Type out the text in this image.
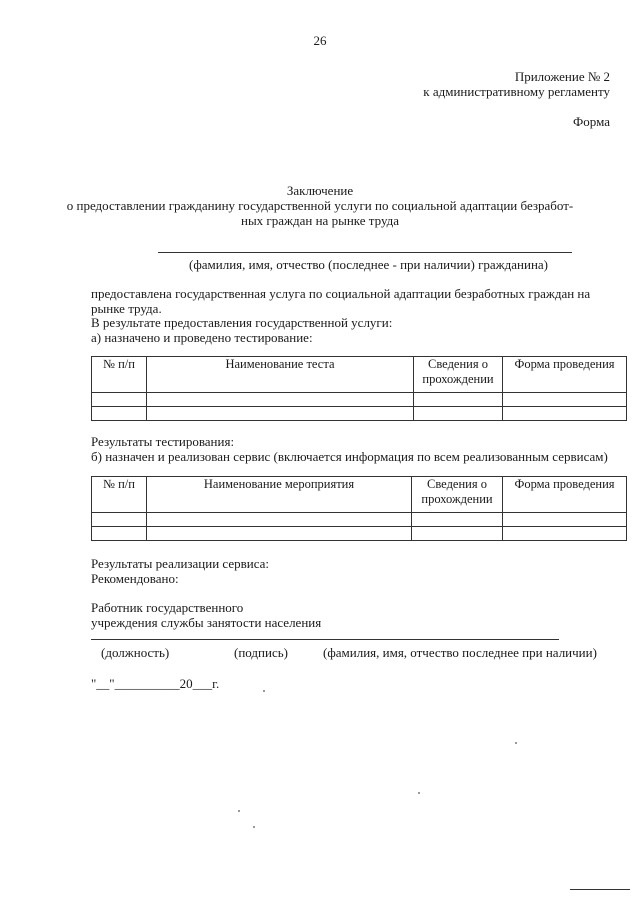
26
Приложение № 2
к административному регламенту
Форма
Заключение
о предоставлении гражданину государственной услуги по социальной адаптации безработ-
ных граждан на рынке труда
(фамилия, имя, отчество (последнее - при наличии) гражданина)
предоставлена государственная услуга по социальной адаптации безработных граждан на
рынке труда.
В результате предоставления государственной услуги:
а) назначено и проведено тестирование:
№ п/п	Наименование теста	Сведения о прохождении	Форма проведения

Результаты тестирования:
б) назначен и реализован сервис (включается информация по всем реализованным сервисам)
№ п/п	Наименование мероприятия	Сведения о прохождении	Форма проведения

Результаты реализации сервиса:
Рекомендовано:
Работник государственного
учреждения службы занятости населения
(должность)	(подпись)	(фамилия, имя, отчество последнее при наличии)
"__"__________20___г.
